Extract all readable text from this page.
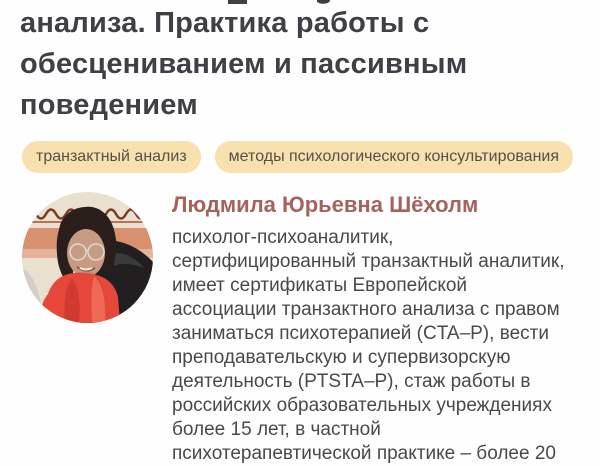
анализа. Практика работы с
обесцениванием и пассивным
поведением
транзактный анализ	методы психологического консультирования
Людмила Юрьевна Шёхолм
психолог-психоаналитик,
сертифицированный транзактный аналитик,
имеет сертификаты Европейской
ассоциации транзактного анализа с правом
заниматься психотерапией (CTA–P), вести
преподавательскую и супервизорскую
деятельность (PTSTA–P), стаж работы в
российских образовательных учреждениях
более 15 лет, в частной
психотерапевтической практике – более 20
